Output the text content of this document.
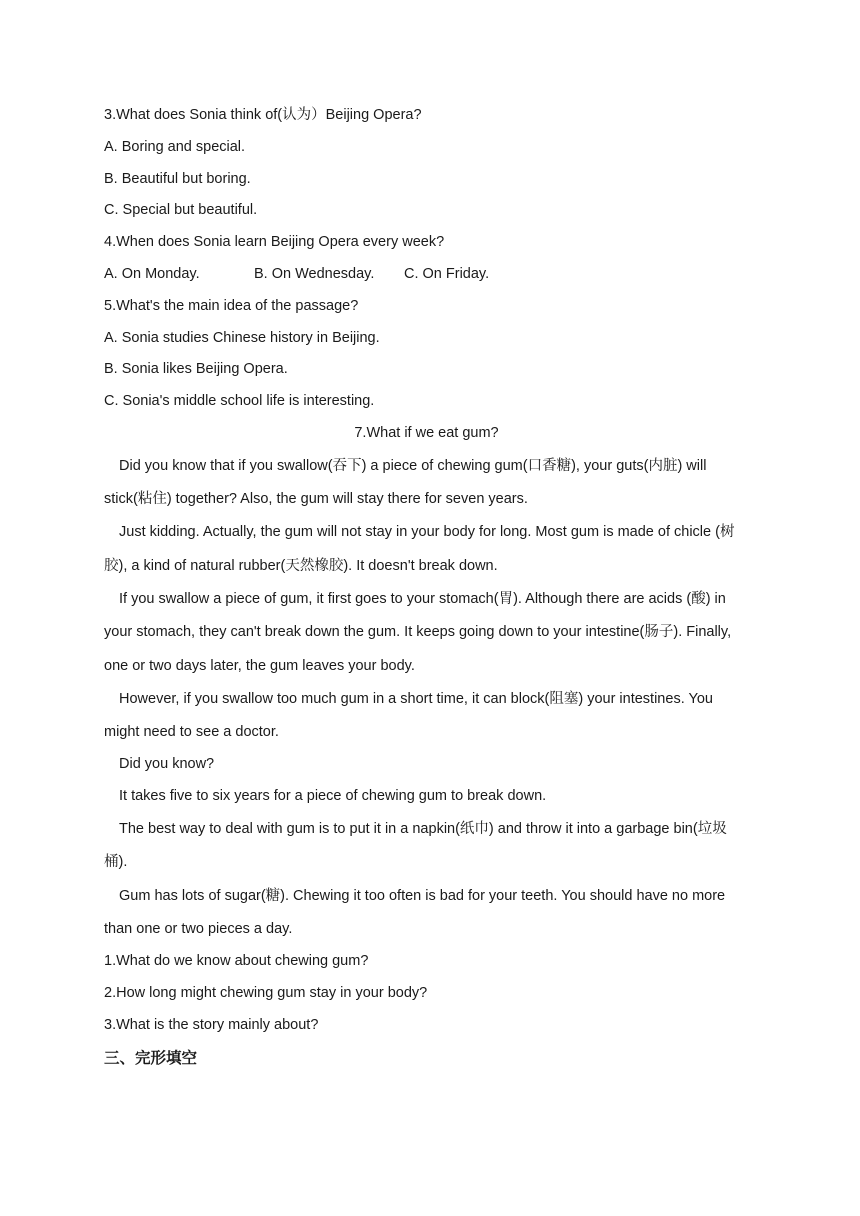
3.What does Sonia think of(认为）Beijing Opera?
A. Boring and special.
B. Beautiful but boring.
C. Special but beautiful.
4.When does Sonia learn Beijing Opera every week?
A. On Monday.	B. On Wednesday.	C. On Friday.
5.What's the main idea of the passage?
A. Sonia studies Chinese history in Beijing.
B. Sonia likes Beijing Opera.
C. Sonia's middle school life is interesting.
7.What if we eat gum?
Did you know that if you swallow(吞下) a piece of chewing gum(口香糖), your guts(内脏) will stick(粘住) together? Also, the gum will stay there for seven years.
Just kidding. Actually, the gum will not stay in your body for long. Most gum is made of chicle (树胶), a kind of natural rubber(天然橡胶). It doesn't break down.
If you swallow a piece of gum, it first goes to your stomach(胃). Although there are acids (酸) in your stomach, they can't break down the gum. It keeps going down to your intestine(肠子). Finally, one or two days later, the gum leaves your body.
However, if you swallow too much gum in a short time, it can block(阻塞) your intestines. You might need to see a doctor.
Did you know?
It takes five to six years for a piece of chewing gum to break down.
The best way to deal with gum is to put it in a napkin(纸巾) and throw it into a garbage bin(垃圾桶).
Gum has lots of sugar(糖). Chewing it too often is bad for your teeth. You should have no more than one or two pieces a day.
1.What do we know about chewing gum?
2.How long might chewing gum stay in your body?
3.What is the story mainly about?
三、完形填空
